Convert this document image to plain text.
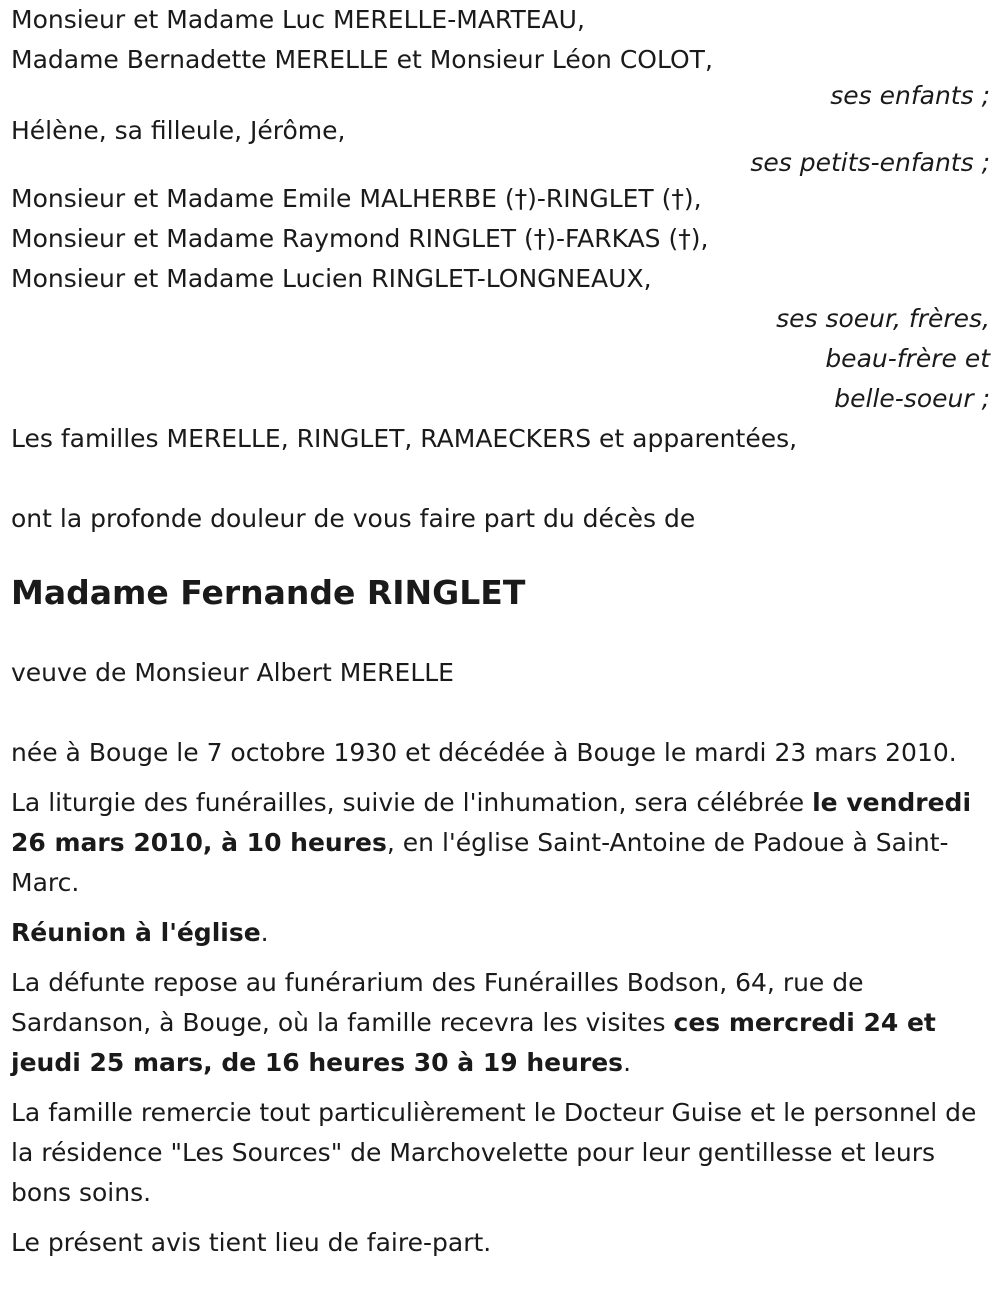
Monsieur et Madame Luc MERELLE-MARTEAU,
Madame Bernadette MERELLE et Monsieur Léon COLOT,
ses enfants ;
Hélène, sa filleule, Jérôme,
ses petits-enfants ;
Monsieur et Madame Emile MALHERBE (†)-RINGLET (†),
Monsieur et Madame Raymond RINGLET (†)-FARKAS (†),
Monsieur et Madame Lucien RINGLET-LONGNEAUX,
ses soeur, frères,
beau-frère et
belle-soeur ;
Les familles MERELLE, RINGLET, RAMAECKERS et apparentées,
ont la profonde douleur de vous faire part du décès de
Madame Fernande RINGLET
veuve de Monsieur Albert MERELLE
née à Bouge le 7 octobre 1930 et décédée à Bouge le mardi 23 mars 2010.
La liturgie des funérailles, suivie de l'inhumation, sera célébrée le vendredi 26 mars 2010, à 10 heures, en l'église Saint-Antoine de Padoue à Saint-Marc.
Réunion à l'église.
La défunte repose au funérarium des Funérailles Bodson, 64, rue de Sardanson, à Bouge, où la famille recevra les visites ces mercredi 24 et jeudi 25 mars, de 16 heures 30 à 19 heures.
La famille remercie tout particulièrement le Docteur Guise et le personnel de la résidence "Les Sources" de Marchovelette pour leur gentillesse et leurs bons soins.
Le présent avis tient lieu de faire-part.
